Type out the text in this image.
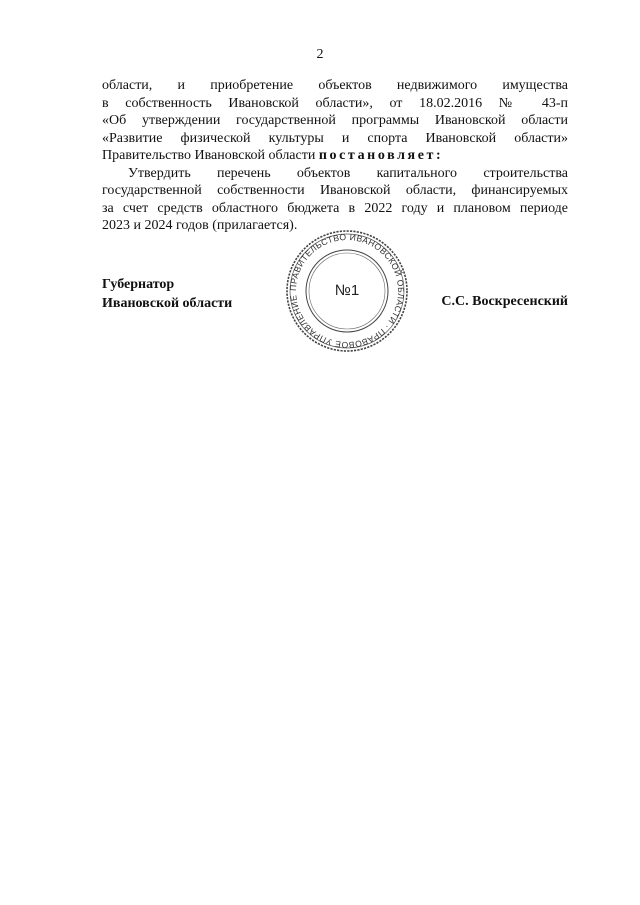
2
области, и приобретение объектов недвижимого имущества
в собственность Ивановской области», от 18.02.2016 № 43-п
«Об утверждении государственной программы Ивановской области
«Развитие физической культуры и спорта Ивановской области»
Правительство Ивановской области постановляет:
Утвердить перечень объектов капитального строительства
государственной собственности Ивановской области, финансируемых
за счет средств областного бюджета в 2022 году и плановом периоде
2023 и 2024 годов (прилагается).
Губернатор
Ивановской области	С.С. Воскресенский
ПРАВИТЕЛЬСТВО ИВАНОВСКОЙ ОБЛАСТИ · ПРАВОВОЕ УПРАВЛЕНИЕ	№1
